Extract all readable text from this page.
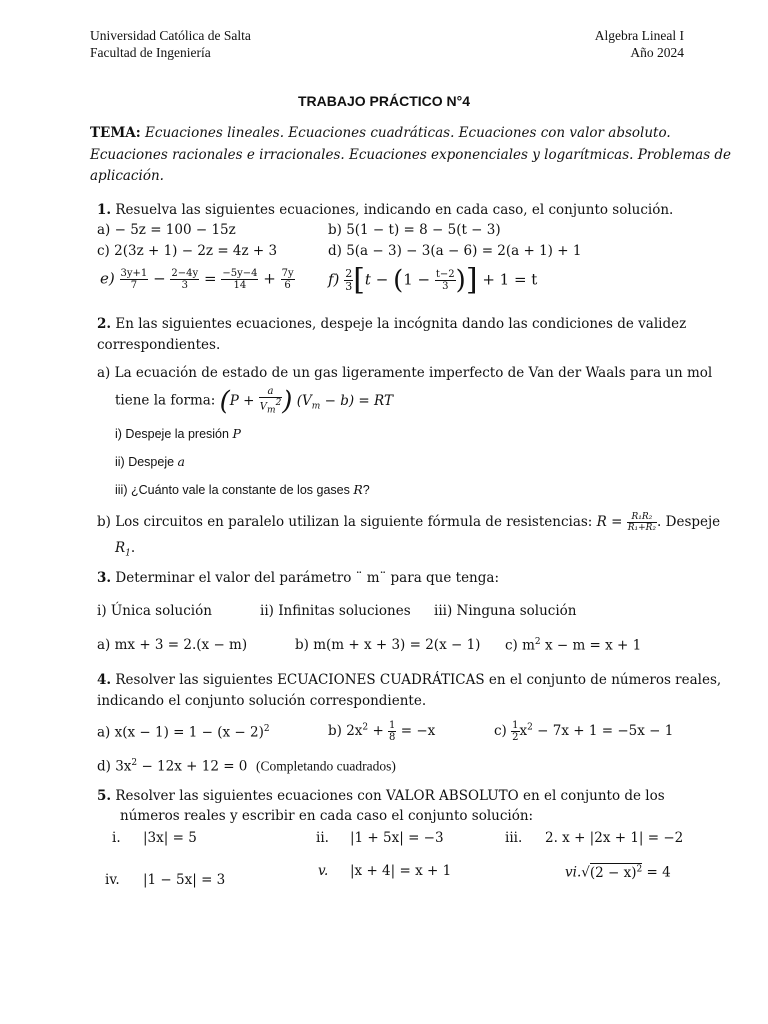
Universidad Católica de Salta
Facultad de Ingeniería
Algebra Lineal I
Año 2024
TRABAJO PRÁCTICO N°4
TEMA: Ecuaciones lineales. Ecuaciones cuadráticas. Ecuaciones con valor absoluto.
Ecuaciones racionales e irracionales. Ecuaciones exponenciales y logarítmicas. Problemas de
aplicación.
1. Resuelva las siguientes ecuaciones, indicando en cada caso, el conjunto solución.
a) − 5z = 100 − 15z	b) 5(1 − t) = 8 − 5(t − 3)
c) 2(3z + 1) − 2z = 4z + 3	d) 5(a − 3) − 3(a − 6) = 2(a + 1) + 1
$e) \frac{3y+1}{7} - \frac{2-4y}{3} = \frac{-5y-4}{14} + \frac{7y}{6} f) \frac{2}{3} [t - (1 - \frac{t-2}{3}$ )] + 1 = t
2. En las siguientes ecuaciones, despeje la incógnita dando las condiciones de validez
correspondientes.
a) La ecuación de estado de un gas ligeramente imperfecto de Van der Waals para un mol
tiene la forma: ($P + \frac{a}{V_m^2}$ ) $(V_m - b)$ = RT
i) Despeje la presión P
ii) Despeje a
iii) ¿Cuánto vale la constante de los gases R?
b) Los circuitos en paralelo utilizan la siguiente fórmula de resistencias: $R = \frac{\text{R₁R₂}}{\text{R₁+R₂}}$ . Despeje
$R_1$.
3. Determinar el valor del parámetro ¨ m¨ para que tenga:
i) Única solución	ii) Infinitas soluciones iii) Ninguna solución
a) mx + 3 = 2.(x − m)	b) m(m + x + 3) = 2(x − 1) c) $m^2$ x − m = x + 1
4. Resolver las siguientes ECUACIONES CUADRÁTICAS en el conjunto de números reales,
indicando el conjunto solución correspondiente.
a) $x(x - 1) = 1 - (x - 2)^2$	b) $2x^2 + \frac{1}{8} = -x$	$c) \frac{1}{2} x^2 - 7x + 1 = -5x - 1$
d) $3x^2 - 12x + 12 = 0$ (Completando cuadrados)
5. Resolver las siguientes ecuaciones con VALOR ABSOLUTO en el conjunto de los
números reales y escribir en cada caso el conjunto solución:
i. |3x| = 5	ii. |1 + 5x| = −3	iii. 2. x + |2x + 1| = −2
iv. |1 − 5x| = 3
v. |x + 4| = x + 1	$vi.√(2 - x)^2 = 4$
